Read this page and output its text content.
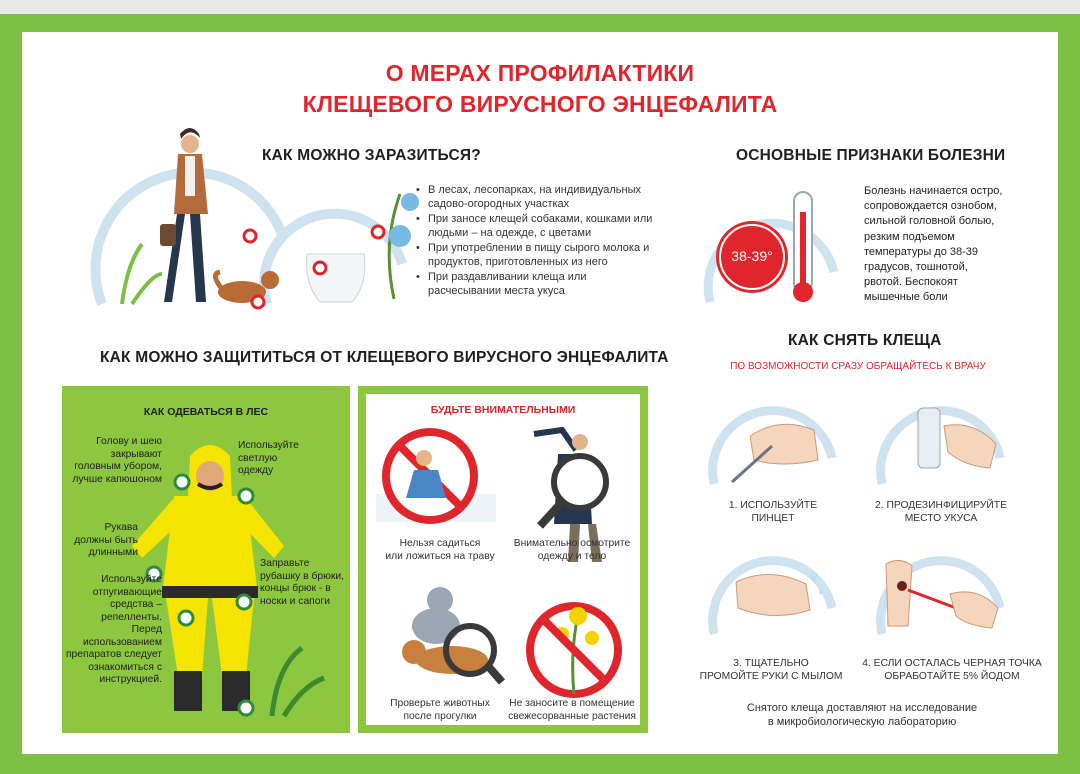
О МЕРАХ ПРОФИЛАКТИКИ
КЛЕЩЕВОГО ВИРУСНОГО ЭНЦЕФАЛИТА
КАК МОЖНО ЗАРАЗИТЬСЯ?
• В лесах, лесопарках, на индивидуальных садово-огородных участках
• При заносе клещей собаками, кошками или людьми – на одежде, с цветами
• При употреблении в пищу сырого молока и продуктов, приготовленных из него
• При раздавливании клеща или расчесывании места укуса
ОСНОВНЫЕ ПРИЗНАКИ БОЛЕЗНИ
38-39°
Болезнь начинается остро,
сопровождается ознобом,
сильной головной болью,
резким подъемом
температуры до 38-39
градусов, тошнотой,
рвотой. Беспокоят
мышечные боли
КАК МОЖНО ЗАЩИТИТЬСЯ ОТ КЛЕЩЕВОГО ВИРУСНОГО ЭНЦЕФАЛИТА
КАК ОДЕВАТЬСЯ В ЛЕС
Голову и шею
закрывают
головным убором,
лучше капюшоном
Используйте
светлую
одежду
Рукава
должны быть
длинными
Заправьте
рубашку в брюки,
концы брюк - в
носки и сапоги
Используйте
отпугивающие
средства –
репелленты.
Перед
использованием
препаратов следует
ознакомиться с
инструкцией.
БУДЬТЕ ВНИМАТЕЛЬНЫМИ
Нельзя садиться
или ложиться на траву
Внимательно осмотрите
одежду и тело
Проверьте животных
после прогулки
Не заносите в помещение
свежесорванные растения
КАК СНЯТЬ КЛЕЩА
ПО ВОЗМОЖНОСТИ СРАЗУ ОБРАЩАЙТЕСЬ К ВРАЧУ
1. ИСПОЛЬЗУЙТЕ
ПИНЦЕТ
2. ПРОДЕЗИНФИЦИРУЙТЕ
МЕСТО УКУСА
3. ТЩАТЕЛЬНО
ПРОМОЙТЕ РУКИ С МЫЛОМ
4. ЕСЛИ ОСТАЛАСЬ ЧЕРНАЯ ТОЧКА
ОБРАБОТАЙТЕ 5% ЙОДОМ
Снятого клеща доставляют на исследование
в микробиологическую лабораторию
